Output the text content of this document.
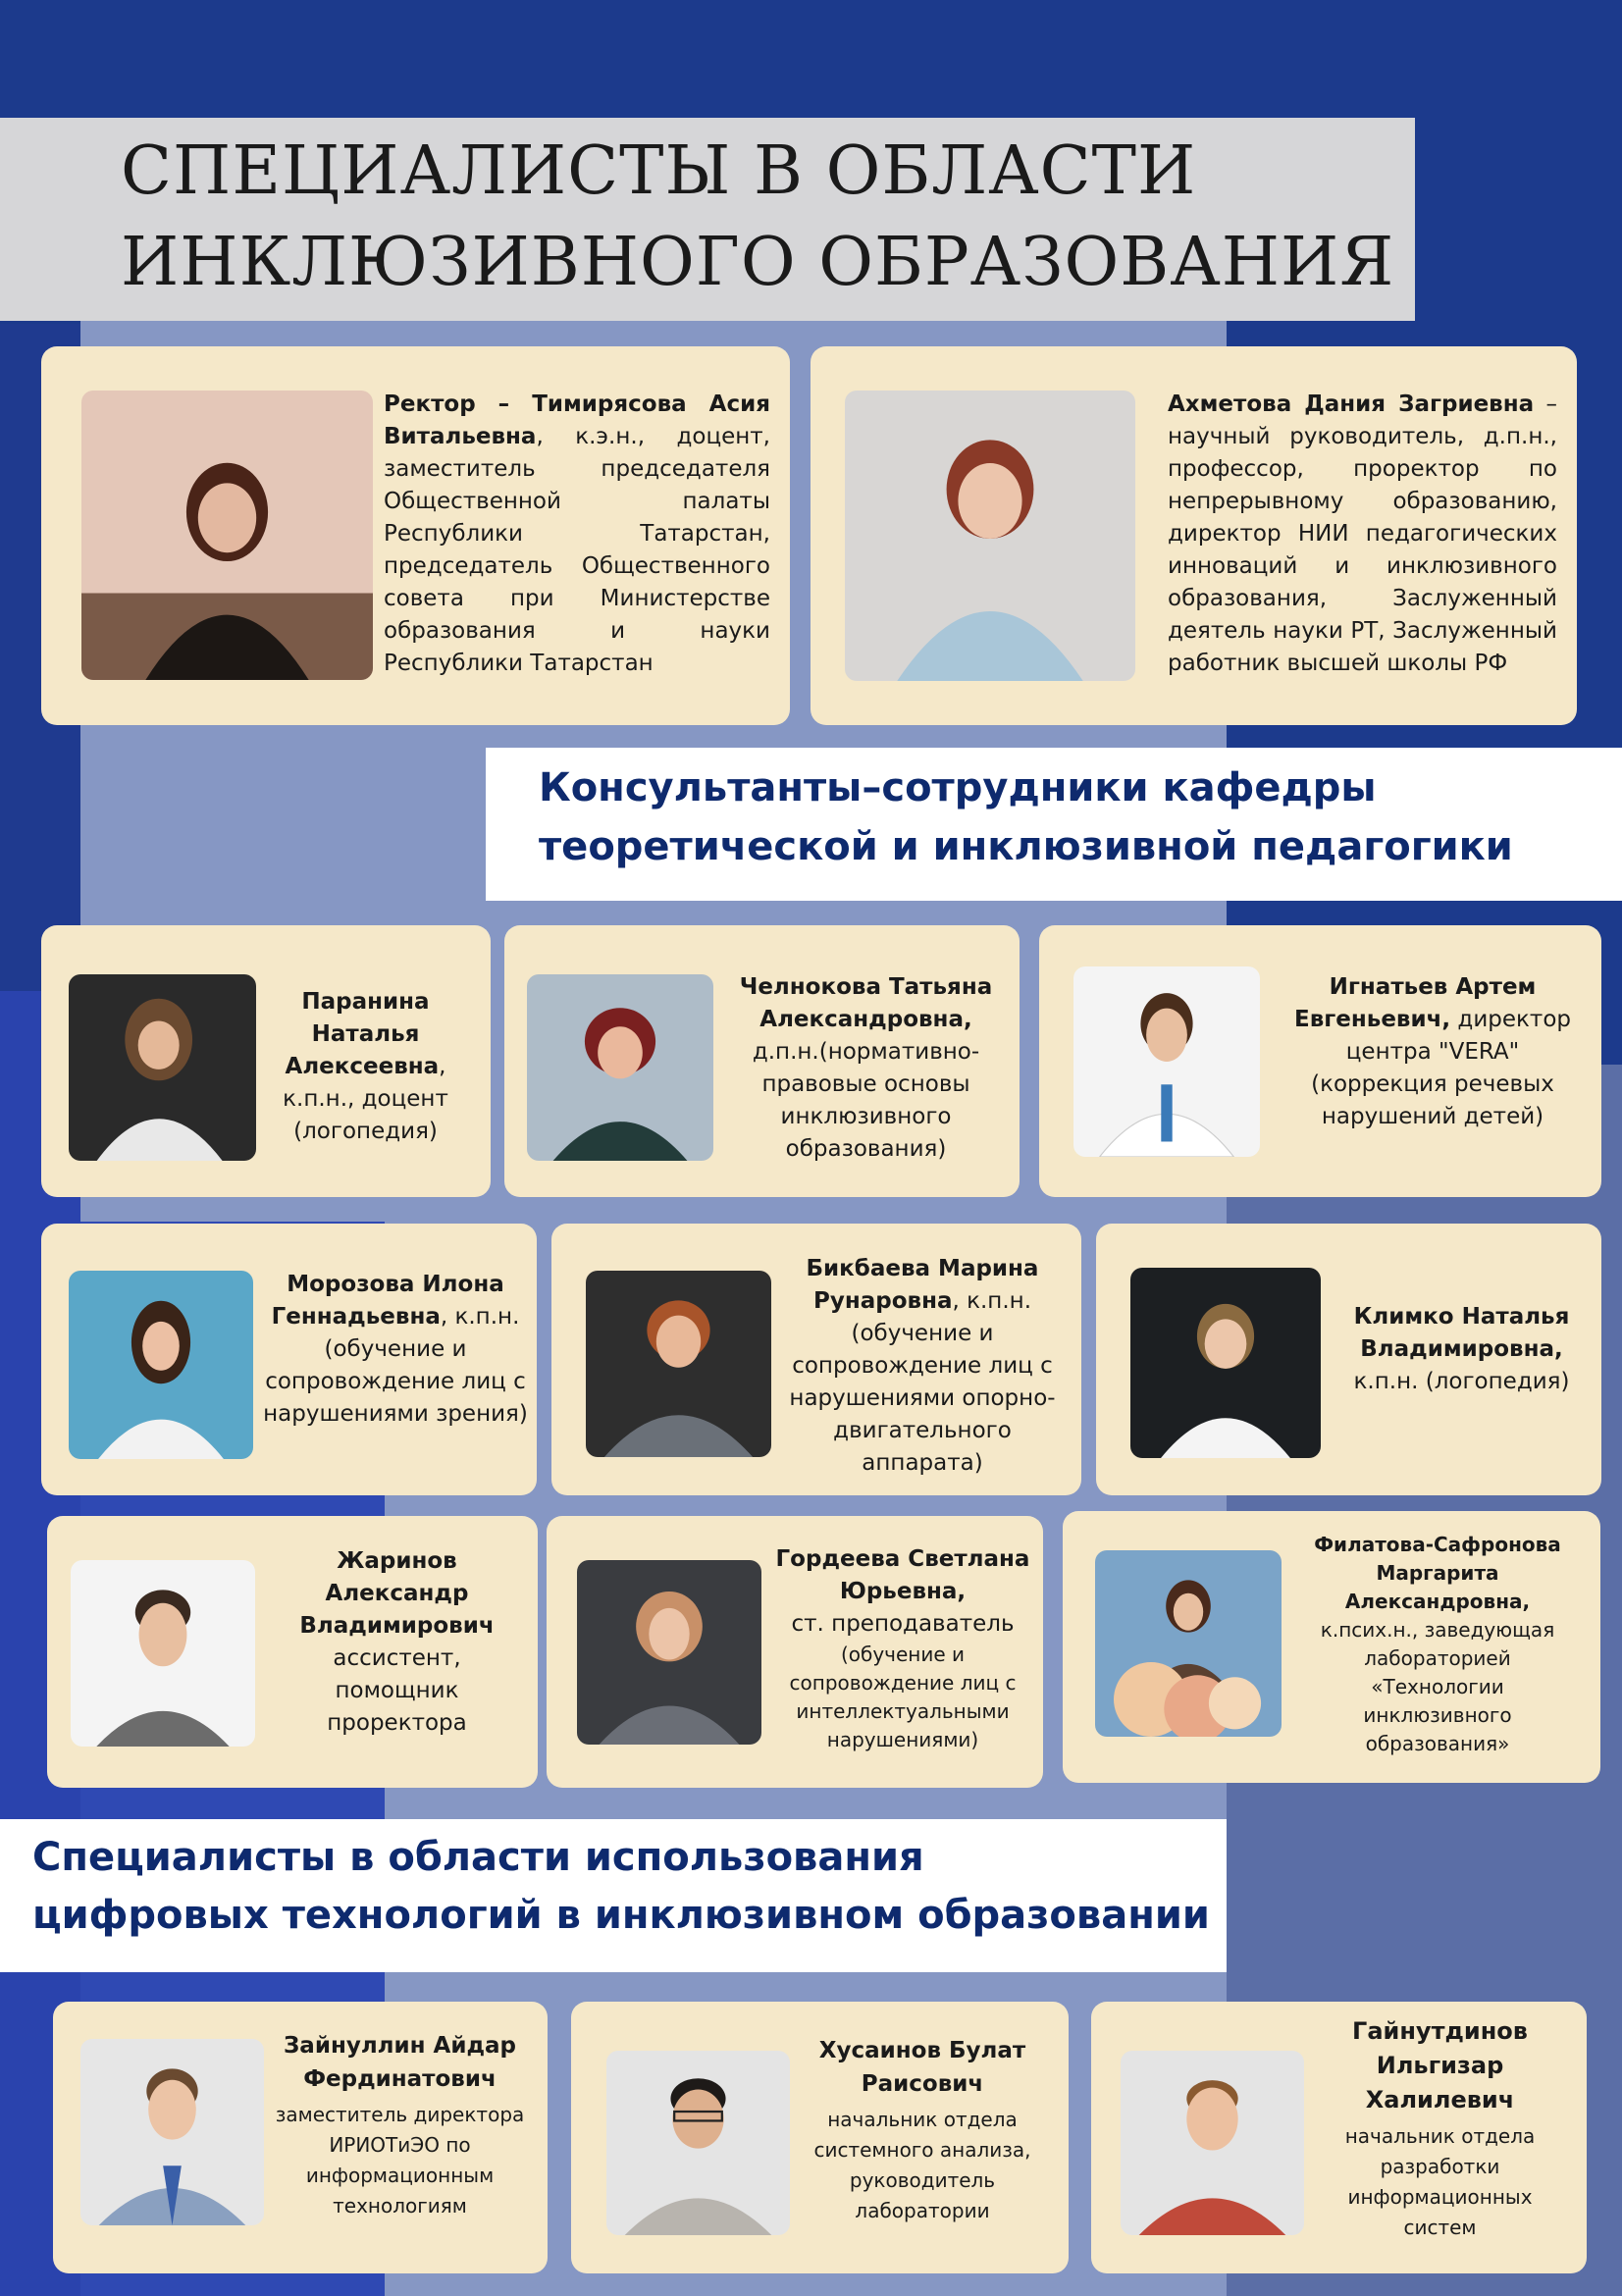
СПЕЦИАЛИСТЫ В ОБЛАСТИ
ИНКЛЮЗИВНОГО ОБРАЗОВАНИЯ
Ректор – Тимирясова Асия Витальевна, к.э.н., доцент, заместитель председателя Общественной палаты Республики Татарстан, председатель Общественного совета при Министерстве образования и науки Республики Татарстан
Ахметова Дания Загриевна – научный руководитель, д.п.н., профессор, проректор по непрерывному образованию, директор НИИ педагогических инноваций и инклюзивного образования, Заслуженный деятель науки РТ, Заслуженный работник высшей школы РФ
Консультанты–сотрудники кафедры
теоретической и инклюзивной педагогики
Паранина Наталья Алексеевна, к.п.н., доцент (логопедия)
Челнокова Татьяна Александровна,
д.п.н.(нормативно-правовые основы инклюзивного образования)
Игнатьев Артем Евгеньевич, директор центра "VERA" (коррекция речевых нарушений детей)
Морозова Илона Геннадьевна, к.п.н. (обучение и сопровождение лиц с нарушениями зрения)
Бикбаева Марина Рунаровна, к.п.н. (обучение и сопровождение лиц с нарушениями опорно-двигательного аппарата)
Климко Наталья Владимировна,
к.п.н. (логопедия)
Жаринов Александр Владимирович
ассистент, помощник проректора
Гордеева Светлана Юрьевна,
ст. преподаватель
(обучение и сопровождение лиц с интеллектуальными нарушениями)
Филатова-Сафронова Маргарита Александровна,
к.псих.н., заведующая лабораторией «Технологии инклюзивного образования»
Специалисты в области использования
цифровых технологий в инклюзивном образовании
Зайнуллин Айдар Фердинатович
заместитель директора ИРИОТиЭО по информационным технологиям
Хусаинов Булат Раисович
начальник отдела системного анализа, руководитель лаборатории
Гайнутдинов Ильгизар Халилевич
начальник отдела разработки информационных систем
